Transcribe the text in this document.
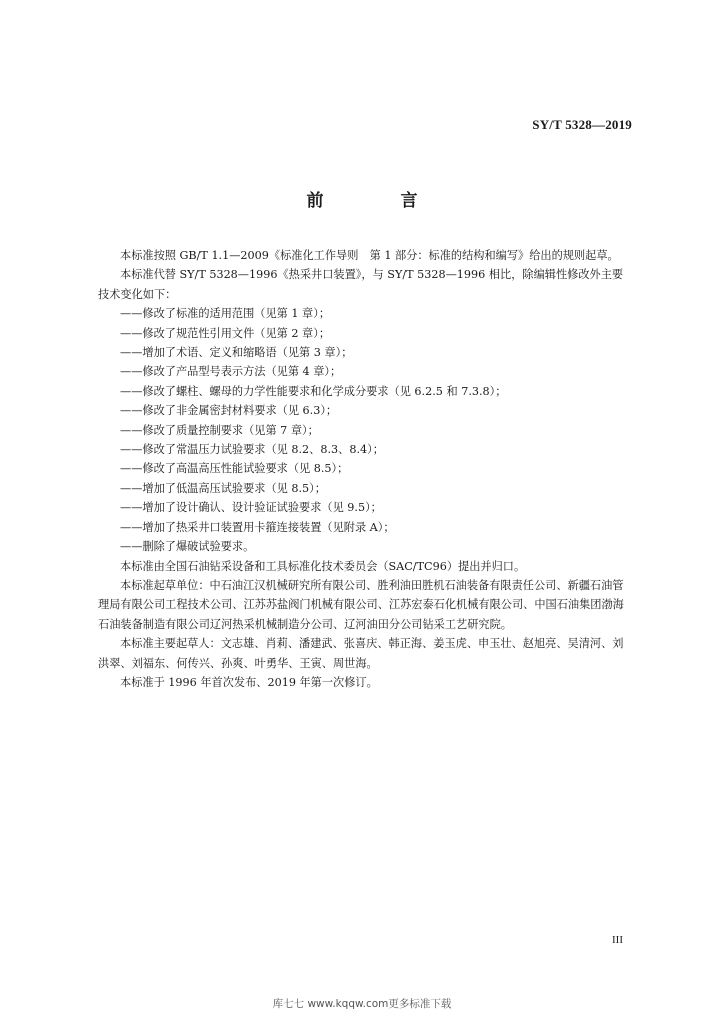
SY/T 5328—2019
前　言

本标准按照 GB/T 1.1—2009《标准化工作导则　第 1 部分：标准的结构和编写》给出的规则起草。

本标准代替 SY/T 5328—1996《热采井口装置》，与 SY/T 5328—1996 相比，除编辑性修改外主要技术变化如下：

——修改了标准的适用范围（见第 1 章）；

——修改了规范性引用文件（见第 2 章）；

——增加了术语、定义和缩略语（见第 3 章）；

——修改了产品型号表示方法（见第 4 章）；

——修改了螺柱、螺母的力学性能要求和化学成分要求（见 6.2.5 和 7.3.8）；

——修改了非金属密封材料要求（见 6.3）；

——修改了质量控制要求（见第 7 章）；

——修改了常温压力试验要求（见 8.2、8.3、8.4）；

——修改了高温高压性能试验要求（见 8.5）；

——增加了低温高压试验要求（见 8.5）；

——增加了设计确认、设计验证试验要求（见 9.5）；

——增加了热采井口装置用卡箍连接装置（见附录 A）；

——删除了爆破试验要求。

本标准由全国石油钻采设备和工具标准化技术委员会（SAC/TC96）提出并归口。

本标准起草单位：中石油江汉机械研究所有限公司、胜利油田胜机石油装备有限责任公司、新疆石油管理局有限公司工程技术公司、江苏苏盐阀门机械有限公司、江苏宏泰石化机械有限公司、中国石油集团渤海石油装备制造有限公司辽河热采机械制造分公司、辽河油田分公司钻采工艺研究院。

本标准主要起草人：文志雄、肖莉、潘建武、张喜庆、韩正海、姜玉虎、申玉壮、赵旭亮、吴清河、刘洪翠、刘福东、何传兴、孙爽、叶勇华、王寅、周世海。

本标准于 1996 年首次发布、2019 年第一次修订。

III
库七七 www.kqqw.com更多标准下载
